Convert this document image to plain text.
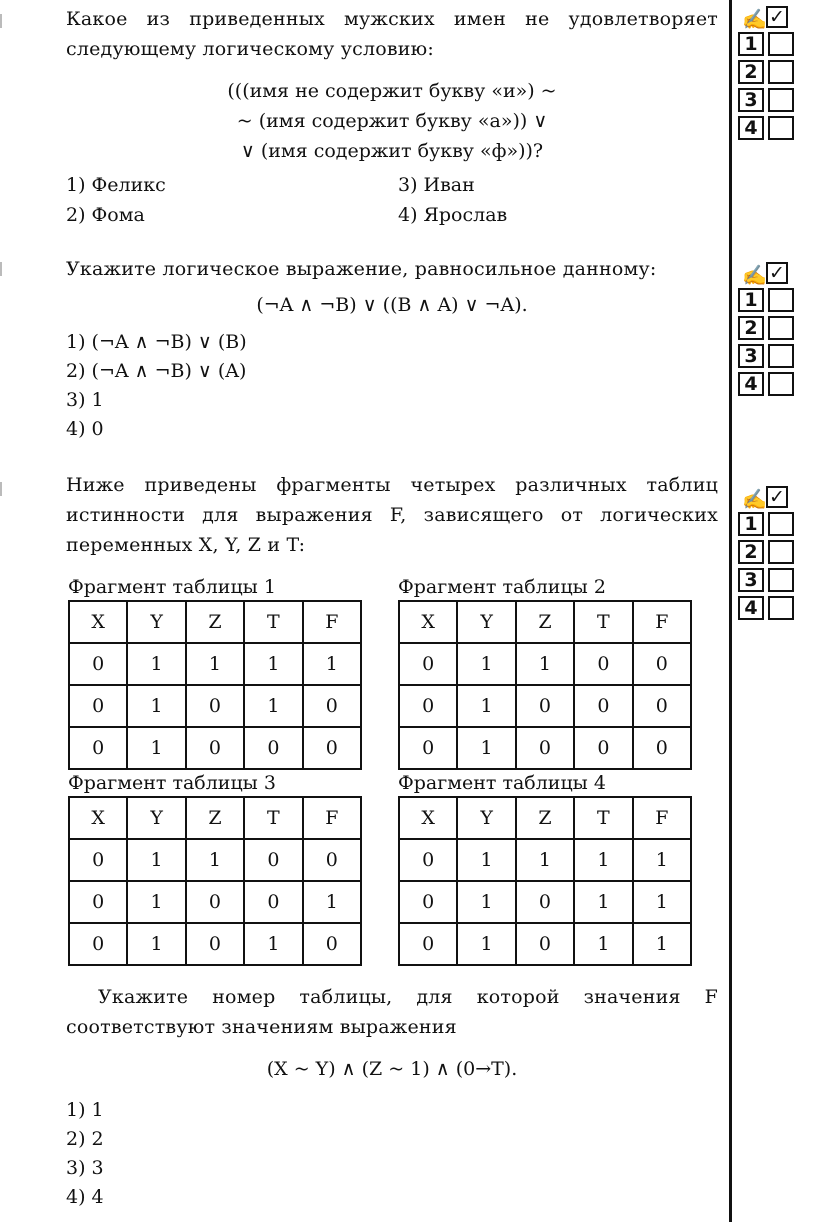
Какое из приведенных мужских имен не удовлетворяет следующему логическому условию:
(((имя не содержит букву «и») ~
~ (имя содержит букву «а»)) ∨
∨ (имя содержит букву «ф»))?
1) Феликс
2) Фома
3) Иван
4) Ярослав
Укажите логическое выражение, равносильное данному:
(¬A ∧ ¬B) ∨ ((B ∧ A) ∨ ¬A).
1) (¬A ∧ ¬B) ∨ (B)
2) (¬A ∧ ¬B) ∨ (A)
3) 1
4) 0
Ниже приведены фрагменты четырех различных таблиц истинности для выражения F, зависящего от логических переменных X, Y, Z и T:
Фрагмент таблицы 1
X	Y	Z	T	F
0	1	1	1	1
0	1	0	1	0
0	1	0	0	0
Фрагмент таблицы 2
X	Y	Z	T	F
0	1	1	0	0
0	1	0	0	0
0	1	0	0	0
Фрагмент таблицы 3
X	Y	Z	T	F
0	1	1	0	0
0	1	0	0	1
0	1	0	1	0
Фрагмент таблицы 4
X	Y	Z	T	F
0	1	1	1	1
0	1	0	1	1
0	1	0	1	1
Укажите номер таблицы, для которой значения F соответствуют значениям выражения
(X ~ Y) ∧ (Z ~ 1) ∧ (0→T).
1) 1
2) 2
3) 3
4) 4
✍ ✓
1
2
3
4
✍ ✓
1
2
3
4
✍ ✓
1
2
3
4
